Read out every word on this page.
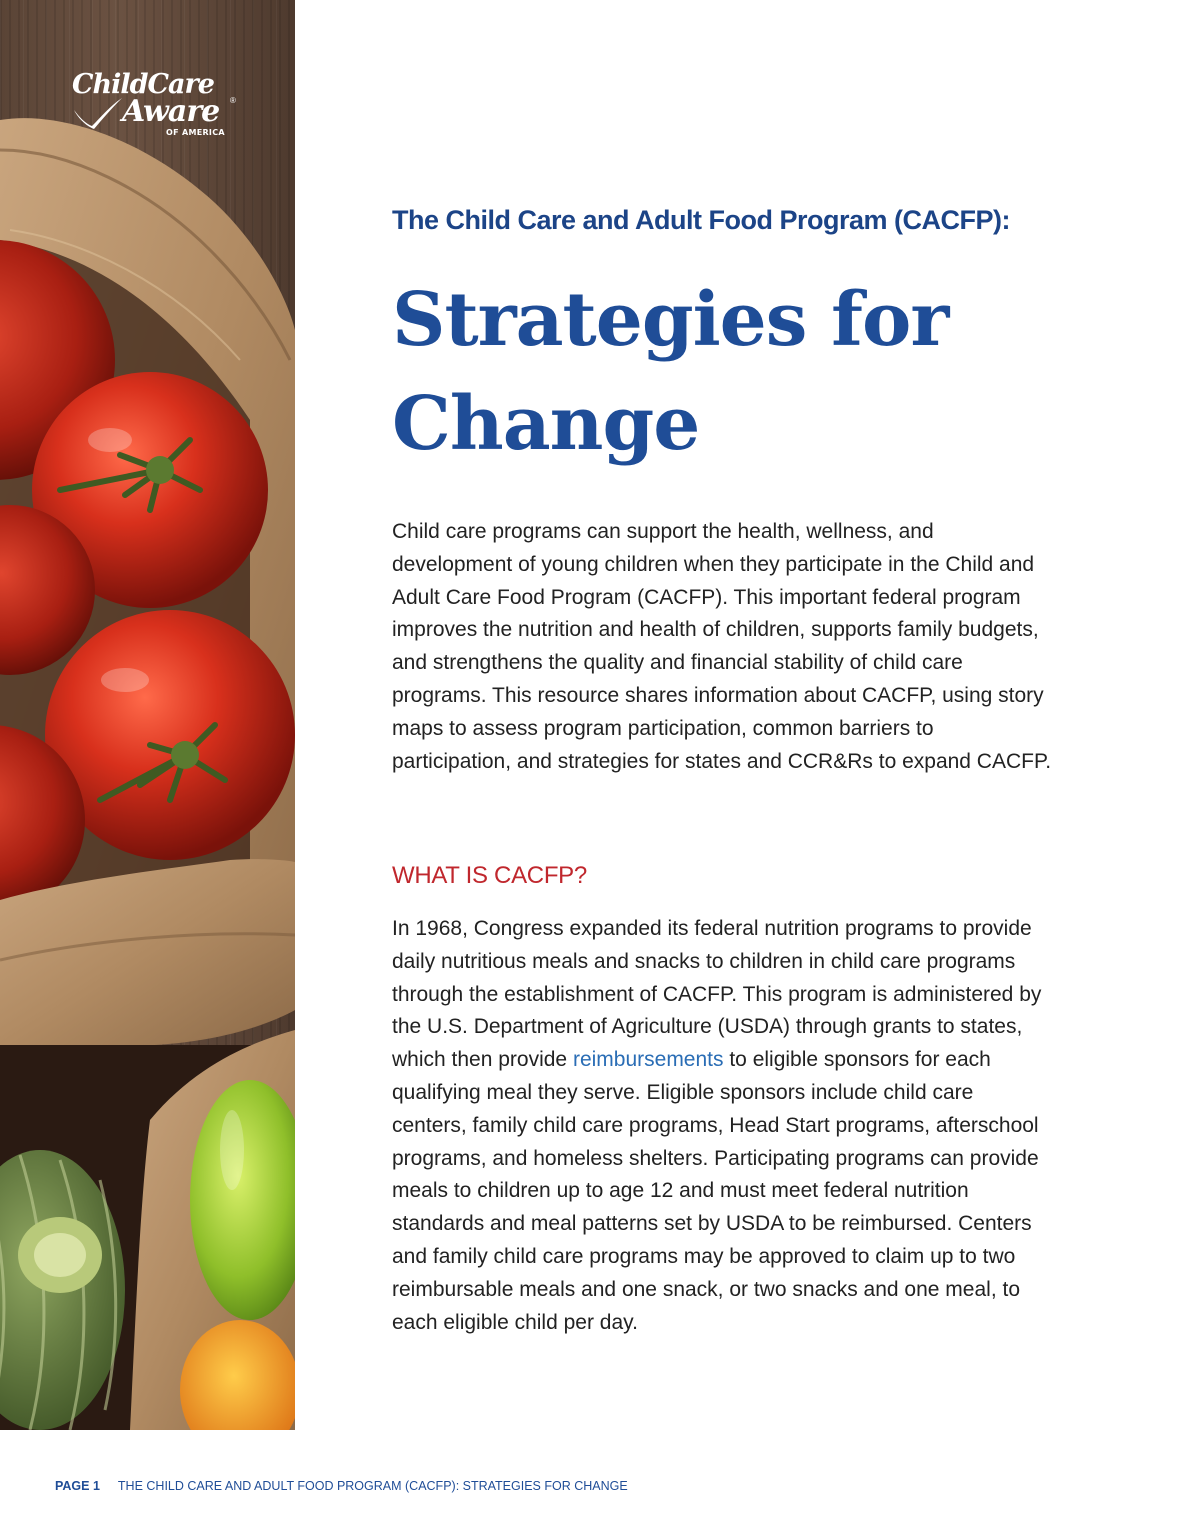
ChildCare
Aware ®
OF AMERICA
The Child Care and Adult Food Program (CACFP):
Strategies for Change

Child care programs can support the health, wellness, and development of young children when they participate in the Child and Adult Care Food Program (CACFP). This important federal program improves the nutrition and health of children, supports family budgets, and strengthens the quality and financial stability of child care programs. This resource shares information about CACFP, using story maps to assess program participation, common barriers to participation, and strategies for states and CCR&Rs to expand CACFP.

WHAT IS CACFP?

In 1968, Congress expanded its federal nutrition programs to provide daily nutritious meals and snacks to children in child care programs through the establishment of CACFP. This program is administered by the U.S. Department of Agriculture (USDA) through grants to states, which then provide reimbursements to eligible sponsors for each qualifying meal they serve. Eligible sponsors include child care centers, family child care programs, Head Start programs, afterschool programs, and homeless shelters. Participating programs can provide meals to children up to age 12 and must meet federal nutrition standards and meal patterns set by USDA to be reimbursed. Centers and family child care programs may be approved to claim up to two reimbursable meals and one snack, or two snacks and one meal, to each eligible child per day.

PAGE 1 THE CHILD CARE AND ADULT FOOD PROGRAM (CACFP): STRATEGIES FOR CHANGE
